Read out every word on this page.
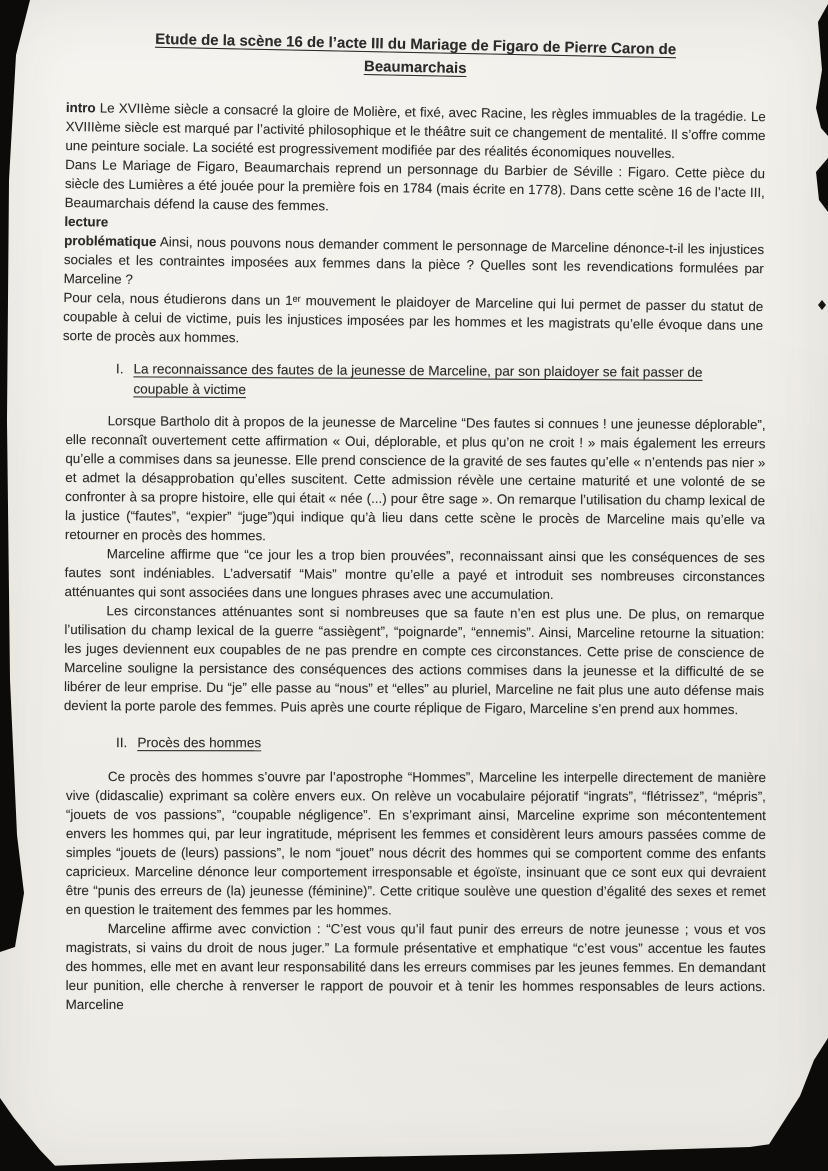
Etude de la scène 16 de l’acte III du Mariage de Figaro de Pierre Caron de
Beaumarchais

intro Le XVIIème siècle a consacré la gloire de Molière, et fixé, avec Racine, les règles immuables de la tragédie. Le XVIIIème siècle est marqué par l’activité philosophique et le théâtre suit ce changement de mentalité. Il s’offre comme une peinture sociale. La société est progressivement modifiée par des réalités économiques nouvelles.

Dans Le Mariage de Figaro, Beaumarchais reprend un personnage du Barbier de Séville : Figaro. Cette pièce du siècle des Lumières a été jouée pour la première fois en 1784 (mais écrite en 1778). Dans cette scène 16 de l’acte III, Beaumarchais défend la cause des femmes.

lecture

problématique Ainsi, nous pouvons nous demander comment le personnage de Marceline dénonce-t-il les injustices sociales et les contraintes imposées aux femmes dans la pièce ? Quelles sont les revendications formulées par Marceline ?

Pour cela, nous étudierons dans un 1ᵉʳ mouvement le plaidoyer de Marceline qui lui permet de passer du statut de coupable à celui de victime, puis les injustices imposées par les hommes et les magistrats qu’elle évoque dans une sorte de procès aux hommes.

I. La reconnaissance des fautes de la jeunesse de Marceline, par son plaidoyer se fait passer de coupable à victime

Lorsque Bartholo dit à propos de la jeunesse de Marceline “Des fautes si connues ! une jeunesse déplorable”, elle reconnaît ouvertement cette affirmation « Oui, déplorable, et plus qu’on ne croit ! » mais également les erreurs qu’elle a commises dans sa jeunesse. Elle prend conscience de la gravité de ses fautes qu’elle « n’entends pas nier » et admet la désapprobation qu’elles suscitent. Cette admission révèle une certaine maturité et une volonté de se confronter à sa propre histoire, elle qui était « née (...) pour être sage ». On remarque l’utilisation du champ lexical de la justice (“fautes”, “expier” “juge”)qui indique qu’à lieu dans cette scène le procès de Marceline mais qu’elle va retourner en procès des hommes.

Marceline affirme que “ce jour les a trop bien prouvées”, reconnaissant ainsi que les conséquences de ses fautes sont indéniables. L’adversatif “Mais” montre qu’elle a payé et introduit ses nombreuses circonstances atténuantes qui sont associées dans une longues phrases avec une accumulation.

Les circonstances atténuantes sont si nombreuses que sa faute n’en est plus une. De plus, on remarque l’utilisation du champ lexical de la guerre “assiègent”, “poignarde”, “ennemis”. Ainsi, Marceline retourne la situation: les juges deviennent eux coupables de ne pas prendre en compte ces circonstances. Cette prise de conscience de Marceline souligne la persistance des conséquences des actions commises dans la jeunesse et la difficulté de se libérer de leur emprise. Du “je” elle passe au “nous” et “elles” au pluriel, Marceline ne fait plus une auto défense mais devient la porte parole des femmes. Puis après une courte réplique de Figaro, Marceline s’en prend aux hommes.

II. Procès des hommes

Ce procès des hommes s’ouvre par l’apostrophe “Hommes”, Marceline les interpelle directement de manière vive (didascalie) exprimant sa colère envers eux. On relève un vocabulaire péjoratif “ingrats”, “flétrissez”, “mépris”, “jouets de vos passions”, “coupable négligence”. En s’exprimant ainsi, Marceline exprime son mécontentement envers les hommes qui, par leur ingratitude, méprisent les femmes et considèrent leurs amours passées comme de simples “jouets de (leurs) passions”, le nom “jouet” nous décrit des hommes qui se comportent comme des enfants capricieux. Marceline dénonce leur comportement irresponsable et égoïste, insinuant que ce sont eux qui devraient être “punis des erreurs de (la) jeunesse (féminine)”. Cette critique soulève une question d’égalité des sexes et remet en question le traitement des femmes par les hommes.

Marceline affirme avec conviction : “C’est vous qu’il faut punir des erreurs de notre jeunesse ; vous et vos magistrats, si vains du droit de nous juger.” La formule présentative et emphatique “c’est vous” accentue les fautes des hommes, elle met en avant leur responsabilité dans les erreurs commises par les jeunes femmes. En demandant leur punition, elle cherche à renverser le rapport de pouvoir et à tenir les hommes responsables de leurs actions. Marceline
